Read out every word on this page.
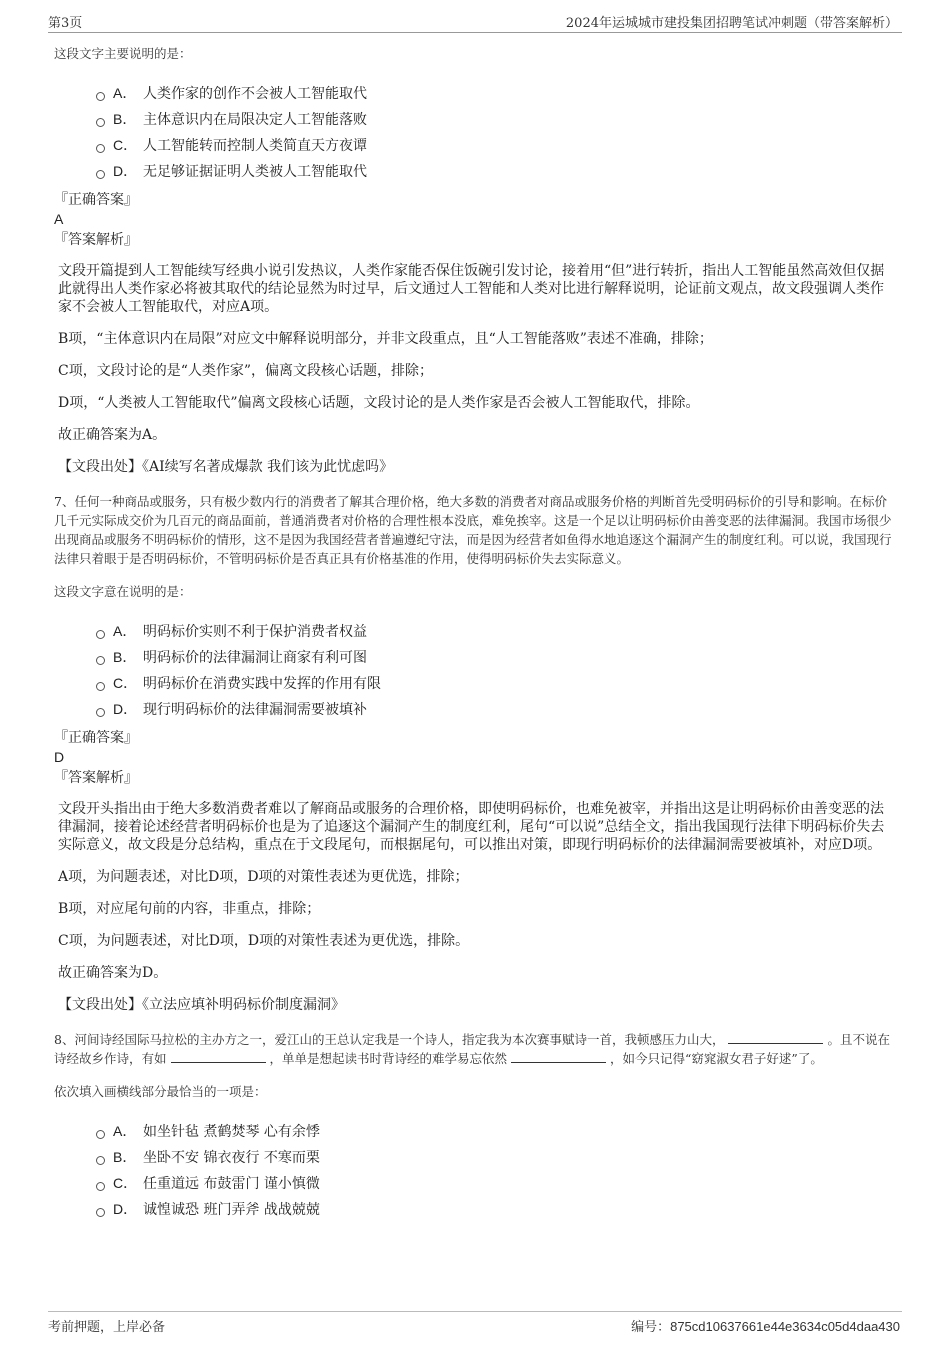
第3页	2024年运城城市建投集团招聘笔试冲刺题（带答案解析）
这段文字主要说明的是：
A． 人类作家的创作不会被人工智能取代
B． 主体意识内在局限决定人工智能落败
C． 人工智能转而控制人类简直天方夜谭
D． 无足够证据证明人类被人工智能取代
『正确答案』
A
『答案解析』

文段开篇提到人工智能续写经典小说引发热议，人类作家能否保住饭碗引发讨论，接着用“但”进行转折，指出人工智能虽然高效但仅据此就得出人类作家必将被其取代的结论显然为时过早，后文通过人工智能和人类对比进行解释说明，论证前文观点，故文段强调人类作家不会被人工智能取代，对应A项。

B项，“主体意识内在局限”对应文中解释说明部分，并非文段重点，且“人工智能落败”表述不准确，排除；

C项，文段讨论的是“人类作家”，偏离文段核心话题，排除；

D项，“人类被人工智能取代”偏离文段核心话题，文段讨论的是人类作家是否会被人工智能取代，排除。

故正确答案为A。

【文段出处】《AI续写名著成爆款 我们该为此忧虑吗》
7、任何一种商品或服务，只有极少数内行的消费者了解其合理价格，绝大多数的消费者对商品或服务价格的判断首先受明码标价的引导和影响。在标价几千元实际成交价为几百元的商品面前，普通消费者对价格的合理性根本没底，难免挨宰。这是一个足以让明码标价由善变恶的法律漏洞。我国市场很少出现商品或服务不明码标价的情形，这不是因为我国经营者普遍遵纪守法，而是因为经营者如鱼得水地追逐这个漏洞产生的制度红利。可以说，我国现行法律只着眼于是否明码标价，不管明码标价是否真正具有价格基准的作用，使得明码标价失去实际意义。
这段文字意在说明的是：
A． 明码标价实则不利于保护消费者权益
B． 明码标价的法律漏洞让商家有利可图
C． 明码标价在消费实践中发挥的作用有限
D． 现行明码标价的法律漏洞需要被填补
『正确答案』
D
『答案解析』

文段开头指出由于绝大多数消费者难以了解商品或服务的合理价格，即使明码标价，也难免被宰，并指出这是让明码标价由善变恶的法律漏洞，接着论述经营者明码标价也是为了追逐这个漏洞产生的制度红利，尾句“可以说”总结全文，指出我国现行法律下明码标价失去实际意义，故文段是分总结构，重点在于文段尾句，而根据尾句，可以推出对策，即现行明码标价的法律漏洞需要被填补，对应D项。

A项，为问题表述，对比D项，D项的对策性表述为更优选，排除；

B项，对应尾句前的内容，非重点，排除；

C项，为问题表述，对比D项，D项的对策性表述为更优选，排除。

故正确答案为D。

【文段出处】《立法应填补明码标价制度漏洞》
8、河间诗经国际马拉松的主办方之一，爱江山的王总认定我是一个诗人，指定我为本次赛事赋诗一首，我顿感压力山大，	。且不说在诗经故乡作诗，有如	，单单是想起读书时背诗经的难学易忘依然	，如今只记得“窈窕淑女君子好逑”了。
依次填入画横线部分最恰当的一项是：
A． 如坐针毡 煮鹤焚琴 心有余悸
B． 坐卧不安 锦衣夜行 不寒而栗
C． 任重道远 布鼓雷门 谨小慎微
D． 诚惶诚恐 班门弄斧 战战兢兢
考前押题，上岸必备	编号：875cd10637661e44e3634c05d4daa430
